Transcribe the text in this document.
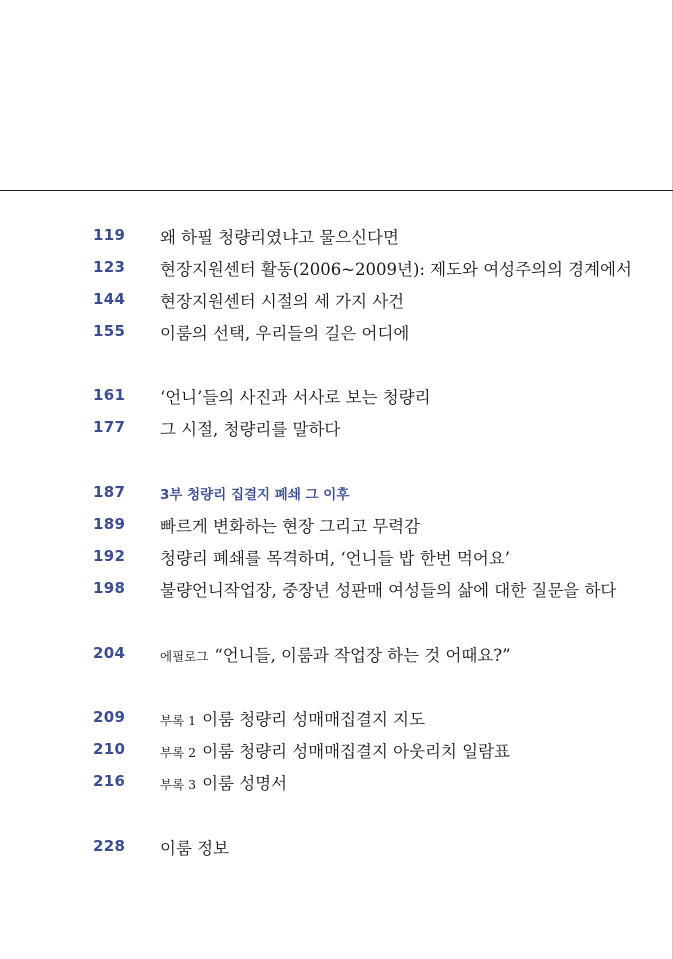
119 왜 하필 청량리였냐고 물으신다면
123 현장지원센터 활동(2006~2009년): 제도와 여성주의의 경계에서
144 현장지원센터 시절의 세 가지 사건
155 이룸의 선택, 우리들의 길은 어디에
161 ‘언니’들의 사진과 서사로 보는 청량리
177 그 시절, 청량리를 말하다
187	3부 청량리 집결지 폐쇄 그 이후
189 빠르게 변화하는 현장 그리고 무력감
192 청량리 폐쇄를 목격하며, ‘언니들 밥 한번 먹어요’
198 불량언니작업장, 중장년 성판매 여성들의 삶에 대한 질문을 하다
204	에필로그 “언니들, 이룸과 작업장 하는 것 어때요?”
209	부록 1 이룸 청량리 성매매집결지 지도
210	부록 2 이룸 청량리 성매매집결지 아웃리치 일람표
216	부록 3 이룸 성명서
228 이룸 정보
